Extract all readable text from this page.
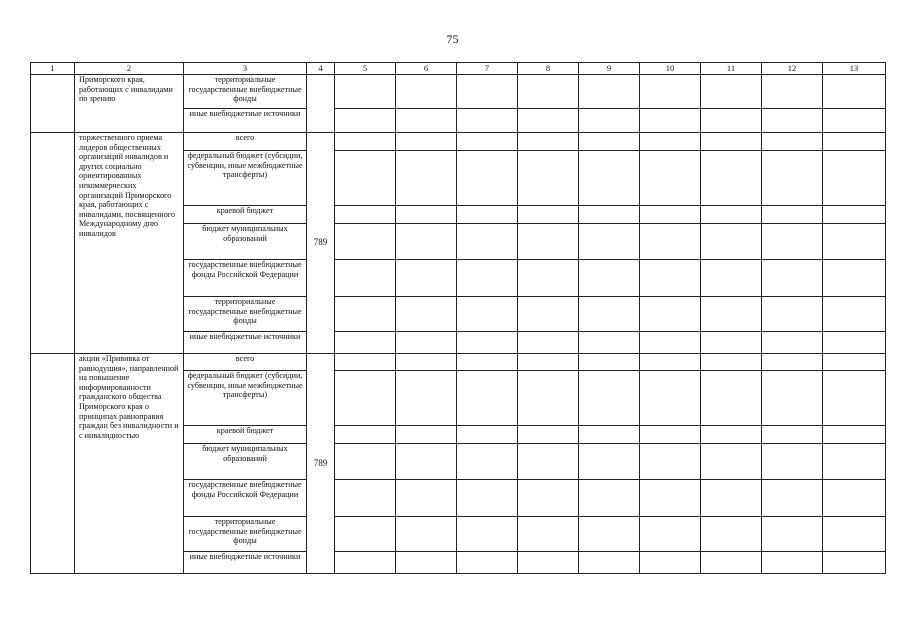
75
1	2	3	4	5	6	7	8	9	10	11	12	13
	Приморского края, работающих с инвалидами по зрению	территориальные государственные внебюджетные фонды										
		иные внебюджетные источники										
	торжественного приема лидеров общественных организаций инвалидов и других социально ориентированных некоммерческих организаций Приморского края, работающих с инвалидами, посвященного Международному дню инвалидов	всего	789									
		федеральный бюджет (субсидии, субвенции, иные межбюджетные трансферты)										
		краевой бюджет										
		бюджет муниципальных образований										
		государственные внебюджетные фонды Российской Федерации										
		территориальные государственные внебюджетные фонды										
		иные внебюджетные источники										
	акции «Прививка от равнодушия», направленной на повышение информированности гражданского общества Приморского края о принципах равноправия граждан без инвалидности и с инвалидностью	всего	789									
		федеральный бюджет (субсидии, субвенции, иные межбюджетные трансферты)										
		краевой бюджет										
		бюджет муниципальных образований										
		государственные внебюджетные фонды Российской Федерации										
		территориальные государственные внебюджетные фонды										
		иные внебюджетные источники										
